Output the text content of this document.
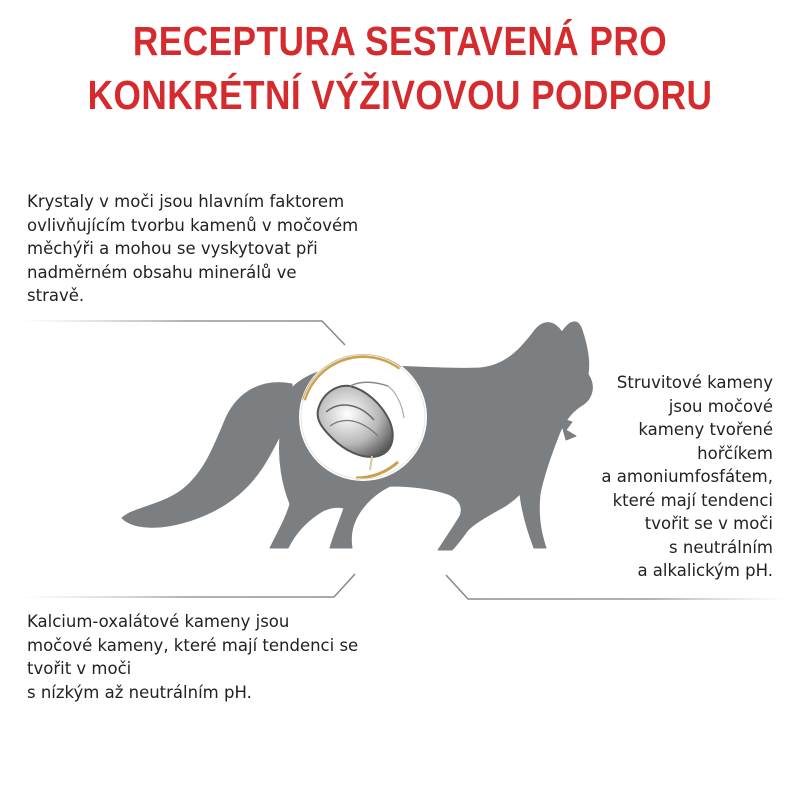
RECEPTURA SESTAVENÁ PRO
KONKRÉTNÍ VÝŽIVOVOU PODPORU
Krystaly v moči jsou hlavním faktorem
ovlivňujícím tvorbu kamenů v močovém
měchýři a mohou se vyskytovat při
nadměrném obsahu minerálů ve
stravě.
Struvitové kameny
jsou močové
kameny tvořené
hořčíkem
a amoniumfosfátem,
které mají tendenci
tvořit se v moči
s neutrálním
a alkalickým pH.
Kalcium-oxalátové kameny jsou
močové kameny, které mají tendenci se
tvořit v moči
s nízkým až neutrálním pH.
